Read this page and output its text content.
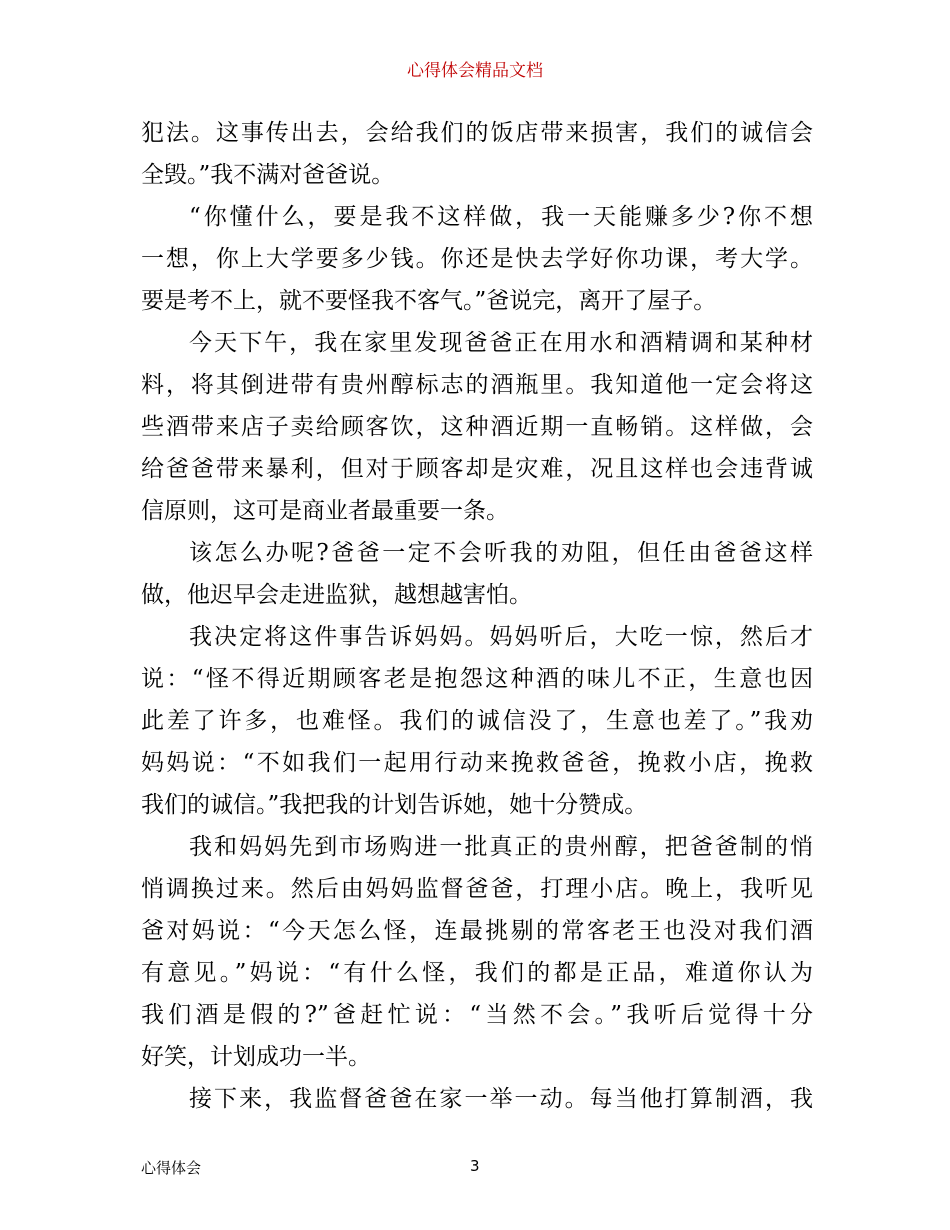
心得体会精品文档
犯法。这事传出去，会给我们的饭店带来损害，我们的诚信会
全毁。”我不满对爸爸说。
“你懂什么，要是我不这样做，我一天能赚多少?你不想
一想，你上大学要多少钱。你还是快去学好你功课，考大学。
要是考不上，就不要怪我不客气。”爸说完，离开了屋子。
今天下午，我在家里发现爸爸正在用水和酒精调和某种材
料，将其倒进带有贵州醇标志的酒瓶里。我知道他一定会将这
些酒带来店子卖给顾客饮，这种酒近期一直畅销。这样做，会
给爸爸带来暴利，但对于顾客却是灾难，况且这样也会违背诚
信原则，这可是商业者最重要一条。
该怎么办呢?爸爸一定不会听我的劝阻，但任由爸爸这样
做，他迟早会走进监狱，越想越害怕。
我决定将这件事告诉妈妈。妈妈听后，大吃一惊，然后才
说：“怪不得近期顾客老是抱怨这种酒的味儿不正，生意也因
此差了许多，也难怪。我们的诚信没了，生意也差了。”我劝
妈妈说：“不如我们一起用行动来挽救爸爸，挽救小店，挽救
我们的诚信。”我把我的计划告诉她，她十分赞成。
我和妈妈先到市场购进一批真正的贵州醇，把爸爸制的悄
悄调换过来。然后由妈妈监督爸爸，打理小店。晚上，我听见
爸对妈说：“今天怎么怪，连最挑剔的常客老王也没对我们酒
有意见。”妈说：“有什么怪，我们的都是正品，难道你认为
我们酒是假的?”爸赶忙说：“当然不会。”我听后觉得十分
好笑，计划成功一半。
接下来，我监督爸爸在家一举一动。每当他打算制酒，我
心得体会	3
